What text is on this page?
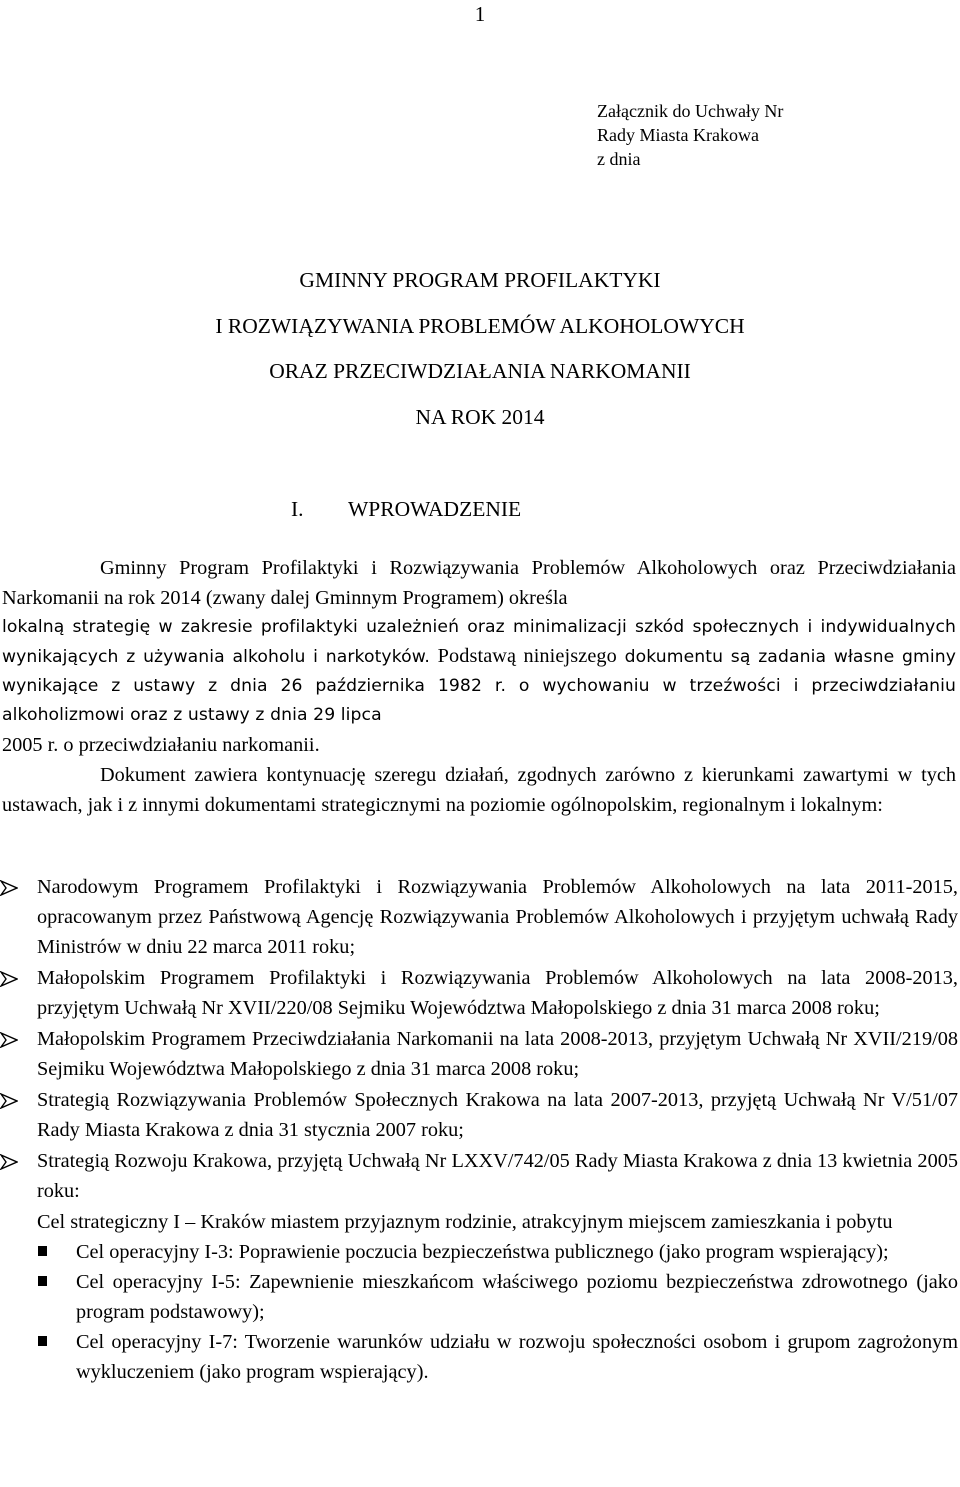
1
Załącznik do Uchwały Nr
Rady Miasta Krakowa
z dnia
GMINNY PROGRAM PROFILAKTYKI
I ROZWIĄZYWANIA PROBLEMÓW ALKOHOLOWYCH
ORAZ PRZECIWDZIAŁANIA NARKOMANII
NA ROK 2014
I. WPROWADZENIE

Gminny Program Profilaktyki i Rozwiązywania Problemów Alkoholowych oraz Przeciwdziałania Narkomanii na rok 2014 (zwany dalej Gminnym Programem) określa

lokalną strategię w zakresie profilaktyki uzależnień oraz minimalizacji szkód społecznych i indywidualnych wynikających z używania alkoholu i narkotyków. Podstawą niniejszego dokumentu są zadania własne gminy wynikające z ustawy z dnia 26 października 1982 r. o wychowaniu w trzeźwości i przeciwdziałaniu alkoholizmowi oraz z ustawy z dnia 29 lipca

2005 r. o przeciwdziałaniu narkomanii.

Dokument zawiera kontynuację szeregu działań, zgodnych zarówno z kierunkami zawartymi w tych ustawach, jak i z innymi dokumentami strategicznymi na poziomie ogólnopolskim, regionalnym i lokalnym:

Narodowym Programem Profilaktyki i Rozwiązywania Problemów Alkoholowych na lata 2011-2015, opracowanym przez Państwową Agencję Rozwiązywania Problemów Alkoholowych i przyjętym uchwałą Rady Ministrów w dniu 22 marca 2011 roku;
Małopolskim Programem Profilaktyki i Rozwiązywania Problemów Alkoholowych na lata 2008-2013, przyjętym Uchwałą Nr XVII/220/08 Sejmiku Województwa Małopolskiego z dnia 31 marca 2008 roku;
Małopolskim Programem Przeciwdziałania Narkomanii na lata 2008-2013, przyjętym Uchwałą Nr XVII/219/08 Sejmiku Województwa Małopolskiego z dnia 31 marca 2008 roku;
Strategią Rozwiązywania Problemów Społecznych Krakowa na lata 2007-2013, przyjętą Uchwałą Nr V/51/07 Rady Miasta Krakowa z dnia 31 stycznia 2007 roku;
Strategią Rozwoju Krakowa, przyjętą Uchwałą Nr LXXV/742/05 Rady Miasta Krakowa z dnia 13 kwietnia 2005 roku:
Cel strategiczny I – Kraków miastem przyjaznym rodzinie, atrakcyjnym miejscem zamieszkania i pobytu
Cel operacyjny I-3: Poprawienie poczucia bezpieczeństwa publicznego (jako program wspierający);
Cel operacyjny I-5: Zapewnienie mieszkańcom właściwego poziomu bezpieczeństwa zdrowotnego (jako program podstawowy);
Cel operacyjny I-7: Tworzenie warunków udziału w rozwoju społeczności osobom i grupom zagrożonym wykluczeniem (jako program wspierający).
